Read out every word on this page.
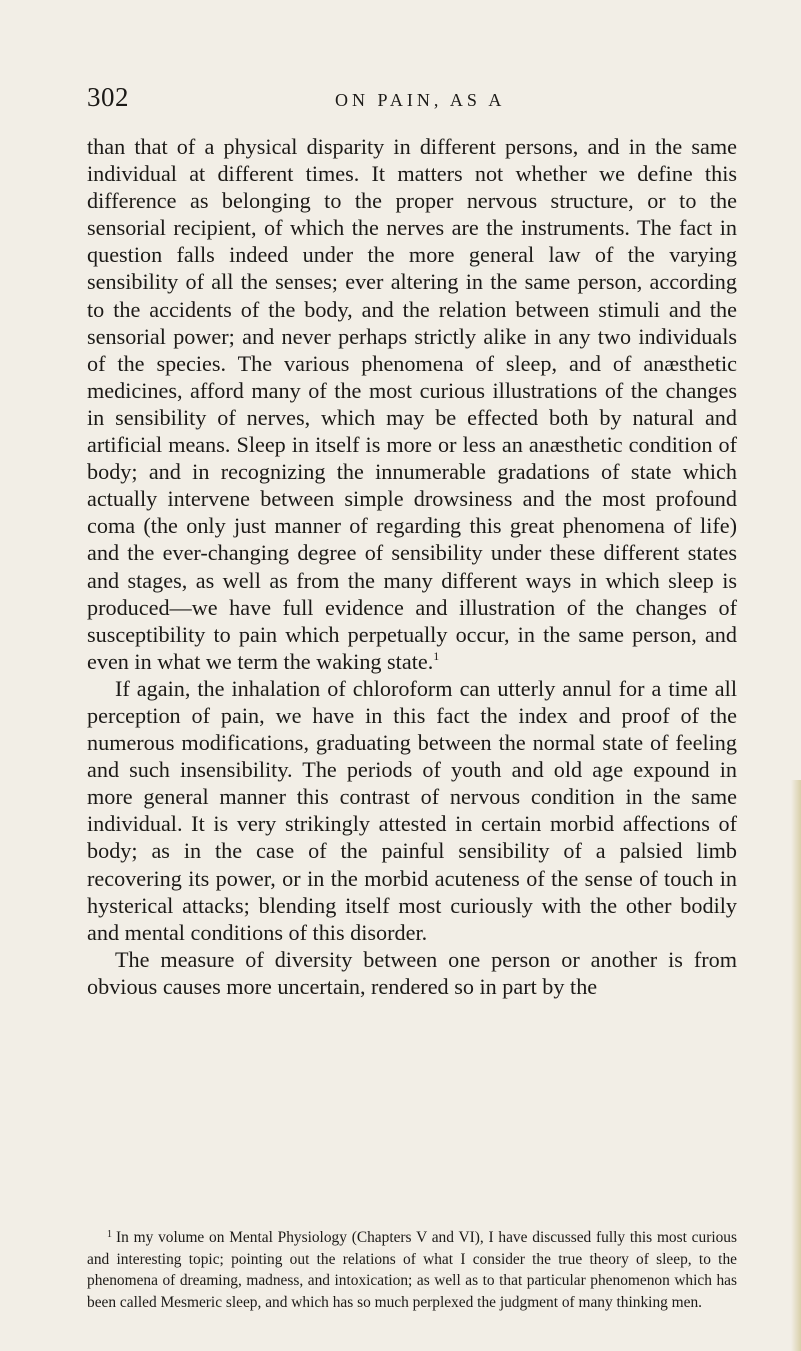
302	ON PAIN, AS A

than that of a physical disparity in different persons, and in the same individual at different times. It matters not whether we define this difference as belonging to the proper nervous structure, or to the sensorial recipient, of which the nerves are the instruments. The fact in question falls indeed under the more general law of the varying sensibility of all the senses; ever altering in the same person, according to the accidents of the body, and the relation between stimuli and the sensorial power; and never perhaps strictly alike in any two individuals of the species. The various phenomena of sleep, and of anæsthetic medicines, afford many of the most curious illustrations of the changes in sensibility of nerves, which may be effected both by natural and artificial means. Sleep in itself is more or less an anæsthetic condition of body; and in recognizing the innumerable gradations of state which actually intervene between simple drowsiness and the most profound coma (the only just manner of regarding this great phenomena of life) and the ever-changing degree of sensibility under these different states and stages, as well as from the many different ways in which sleep is produced—we have full evidence and illustration of the changes of susceptibility to pain which perpetually occur, in the same person, and even in what we term the waking state.$^1$

If again, the inhalation of chloroform can utterly annul for a time all perception of pain, we have in this fact the index and proof of the numerous modifications, graduating between the normal state of feeling and such insensibility. The periods of youth and old age expound in more general manner this contrast of nervous condition in the same individual. It is very strikingly attested in certain morbid affections of body; as in the case of the painful sensibility of a palsied limb recovering its power, or in the morbid acuteness of the sense of touch in hysterical attacks; blending itself most curiously with the other bodily and mental conditions of this disorder.

The measure of diversity between one person or another is from obvious causes more uncertain, rendered so in part by the

$^1$ In my volume on Mental Physiology (Chapters V and VI), I have discussed fully this most curious and interesting topic; pointing out the relations of what I consider the true theory of sleep, to the phenomena of dreaming, madness, and intoxication; as well as to that particular phenomenon which has been called Mesmeric sleep, and which has so much perplexed the judgment of many thinking men.
